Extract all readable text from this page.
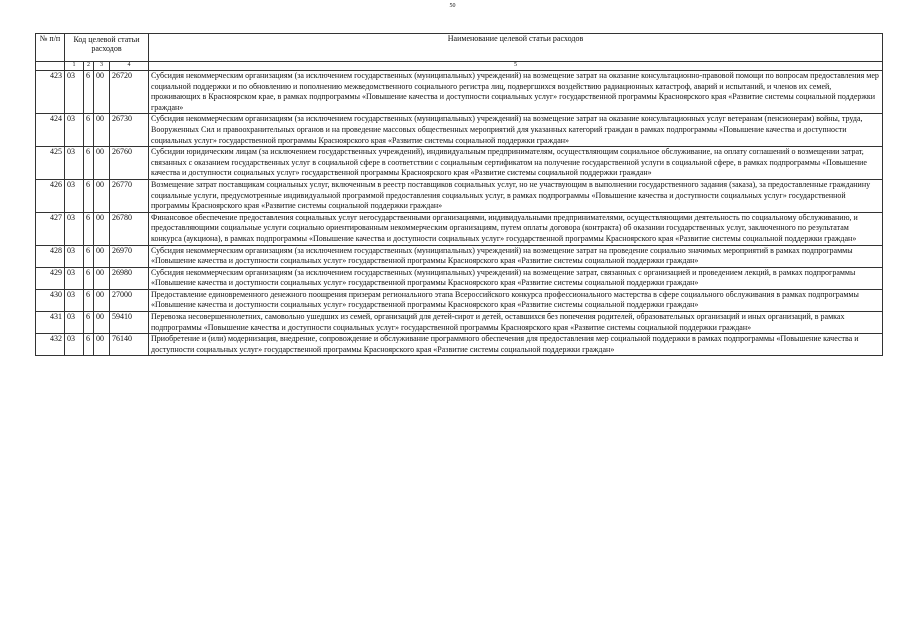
50
№ п/п	Код целевой статьи расходов				Наименование целевой статьи расходов
	1	2	3	4	5
423	03	6	00	26720	Субсидия некоммерческим организациям (за исключением государственных (муниципальных) учреждений) на возмещение затрат на оказание консультационно-правовой помощи по вопросам предоставления мер социальной поддержки и по обновлению и пополнению межведомственного социального регистра лиц, подвергшихся воздействию радиационных катастроф, аварий и испытаний, и членов их семей, проживающих в Красноярском крае, в рамках подпрограммы «Повышение качества и доступности социальных услуг» государственной программы Красноярского края «Развитие системы социальной поддержки граждан»
424	03	6	00	26730	Субсидия некоммерческим организациям (за исключением государственных (муниципальных) учреждений) на возмещение затрат на оказание консультационных услуг ветеранам (пенсионерам) войны, труда, Вооруженных Сил и правоохранительных органов и на проведение массовых общественных мероприятий для указанных категорий граждан в рамках подпрограммы «Повышение качества и доступности социальных услуг» государственной программы Красноярского края «Развитие системы социальной поддержки граждан»
425	03	6	00	26760	Субсидии юридическим лицам (за исключением государственных учреждений), индивидуальным предпринимателям, осуществляющим социальное обслуживание, на оплату соглашений о возмещении затрат, связанных с оказанием государственных услуг в социальной сфере в соответствии с социальным сертификатом на получение государственной услуги в социальной сфере, в рамках подпрограммы «Повышение качества и доступности социальных услуг» государственной программы Красноярского края «Развитие системы социальной поддержки граждан»
426	03	6	00	26770	Возмещение затрат поставщикам социальных услуг, включенным в реестр поставщиков социальных услуг, но не участвующим в выполнении государственного задания (заказа), за предоставленные гражданину социальные услуги, предусмотренные индивидуальной программой предоставления социальных услуг, в рамках подпрограммы «Повышение качества и доступности социальных услуг» государственной программы Красноярского края «Развитие системы социальной поддержки граждан»
427	03	6	00	26780	Финансовое обеспечение предоставления социальных услуг негосударственными организациями, индивидуальными предпринимателями, осуществляющими деятельность по социальному обслуживанию, и предоставляющими социальные услуги социально ориентированным некоммерческим организациям, путем оплаты договора (контракта) об оказании государственных услуг, заключенного по результатам конкурса (аукциона), в рамках подпрограммы «Повышение качества и доступности социальных услуг» государственной программы Красноярского края «Развитие системы социальной поддержки граждан»
428	03	6	00	26970	Субсидия некоммерческим организациям (за исключением государственных (муниципальных) учреждений) на возмещение затрат на проведение социально значимых мероприятий в рамках подпрограммы «Повышение качества и доступности социальных услуг» государственной программы Красноярского края «Развитие системы социальной поддержки граждан»
429	03	6	00	26980	Субсидия некоммерческим организациям (за исключением государственных (муниципальных) учреждений) на возмещение затрат, связанных с организацией и проведением лекций, в рамках подпрограммы «Повышение качества и доступности социальных услуг» государственной программы Красноярского края «Развитие системы социальной поддержки граждан»
430	03	6	00	27000	Предоставление единовременного денежного поощрения призерам регионального этапа Всероссийского конкурса профессионального мастерства в сфере социального обслуживания в рамках подпрограммы «Повышение качества и доступности социальных услуг» государственной программы Красноярского края «Развитие системы социальной поддержки граждан»
431	03	6	00	59410	Перевозка несовершеннолетних, самовольно ушедших из семей, организаций для детей-сирот и детей, оставшихся без попечения родителей, образовательных организаций и иных организаций, в рамках подпрограммы «Повышение качества и доступности социальных услуг» государственной программы Красноярского края «Развитие системы социальной поддержки граждан»
432	03	6	00	76140	Приобретение и (или) модернизация, внедрение, сопровождение и обслуживание программного обеспечения для предоставления мер социальной поддержки в рамках подпрограммы «Повышение качества и доступности социальных услуг» государственной программы Красноярского края «Развитие системы социальной поддержки граждан»
